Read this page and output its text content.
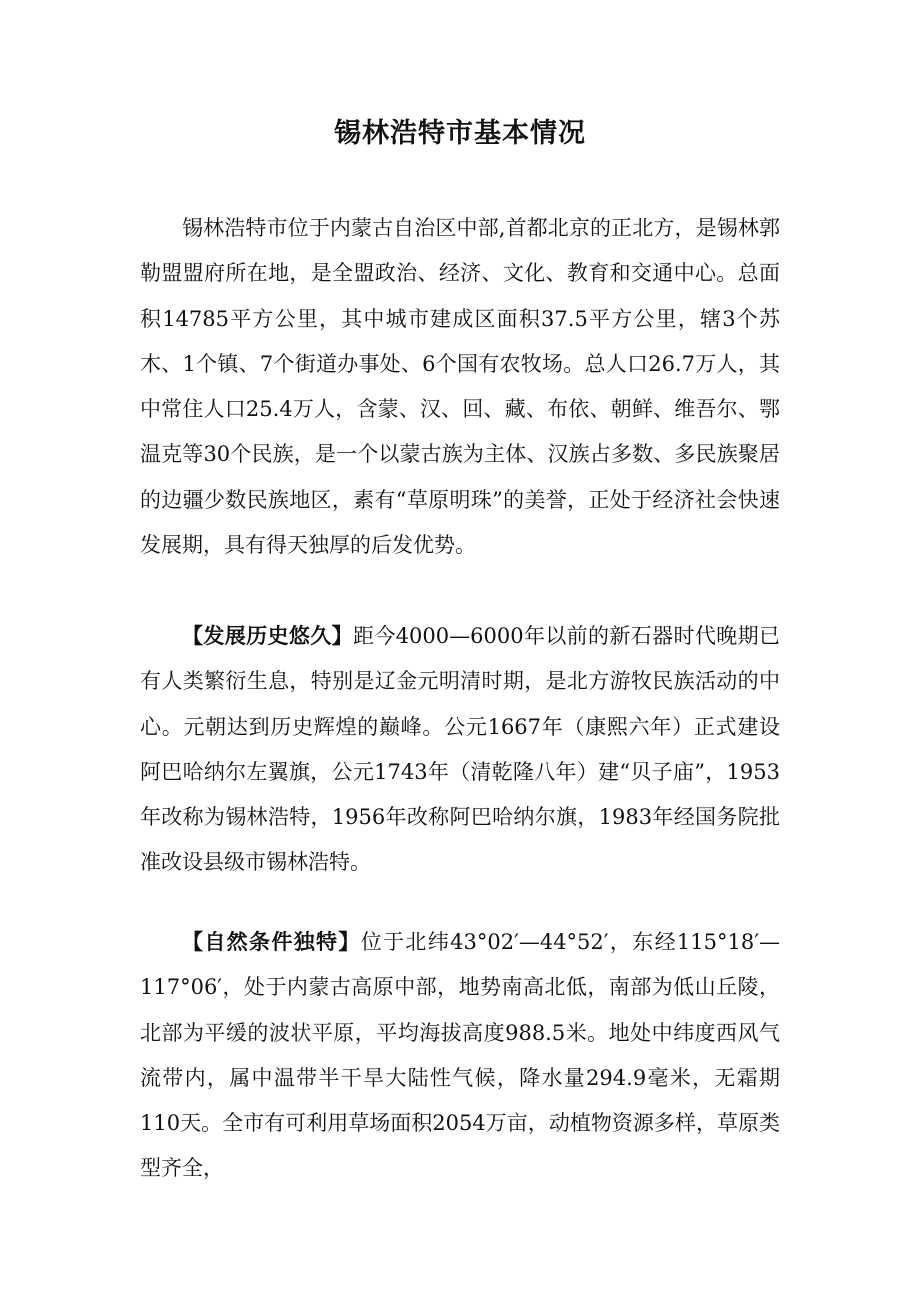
锡林浩特市基本情况

锡林浩特市位于内蒙古自治区中部,首都北京的正北方，是锡林郭勒盟盟府所在地，是全盟政治、经济、文化、教育和交通中心。总面积14785平方公里，其中城市建成区面积37.5平方公里，辖3个苏木、1个镇、7个街道办事处、6个国有农牧场。总人口26.7万人，其中常住人口25.4万人，含蒙、汉、回、藏、布依、朝鲜、维吾尔、鄂温克等30个民族，是一个以蒙古族为主体、汉族占多数、多民族聚居的边疆少数民族地区，素有“草原明珠”的美誉，正处于经济社会快速发展期，具有得天独厚的后发优势。

【发展历史悠久】距今4000—6000年以前的新石器时代晚期已有人类繁衍生息，特别是辽金元明清时期，是北方游牧民族活动的中心。元朝达到历史辉煌的巅峰。公元1667年（康熙六年）正式建设阿巴哈纳尔左翼旗，公元1743年（清乾隆八年）建“贝子庙”，1953年改称为锡林浩特，1956年改称阿巴哈纳尔旗，1983年经国务院批准改设县级市锡林浩特。

【自然条件独特】位于北纬43°02′—44°52′，东经115°18′—117°06′，处于内蒙古高原中部，地势南高北低，南部为低山丘陵，北部为平缓的波状平原，平均海拔高度988.5米。地处中纬度西风气流带内，属中温带半干旱大陆性气候，降水量294.9毫米，无霜期110天。全市有可利用草场面积2054万亩，动植物资源多样，草原类型齐全，
